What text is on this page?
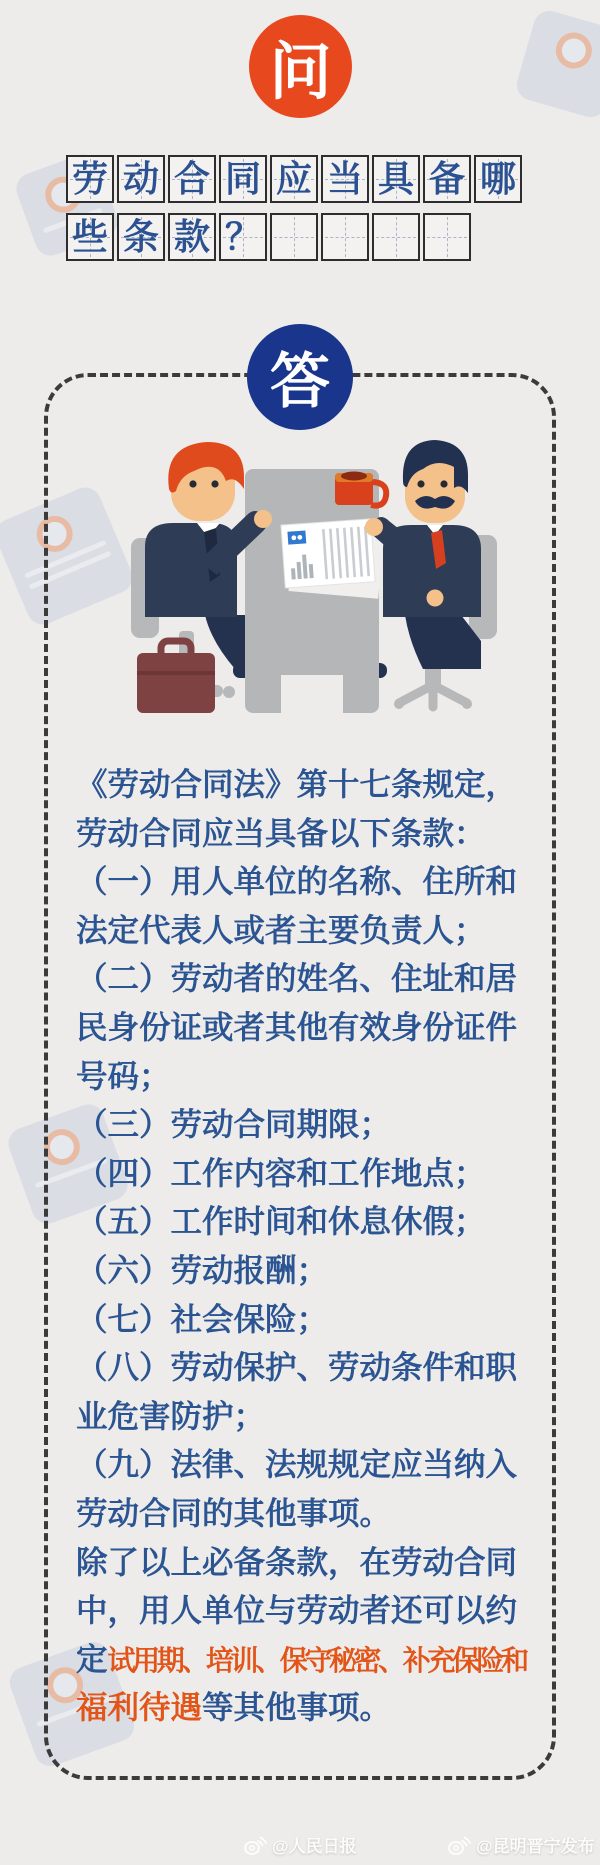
问
劳 动 合 同 应 当 具 备 哪
些 条 款 ？
答
《劳动合同法》第十七条规定，
劳动合同应当具备以下条款：
（一）用人单位的名称、住所和
法定代表人或者主要负责人；
（二）劳动者的姓名、住址和居
民身份证或者其他有效身份证件
号码；
（三）劳动合同期限；
（四）工作内容和工作地点；
（五）工作时间和休息休假；
（六）劳动报酬；
（七）社会保险；
（八）劳动保护、劳动条件和职
业危害防护；
（九）法律、法规规定应当纳入
劳动合同的其他事项。
除了以上必备条款，在劳动合同
中，用人单位与劳动者还可以约
定试用期、培训、保守秘密、补充保险和
福利待遇等其他事项。
@人民日报	@昆明晋宁发布
